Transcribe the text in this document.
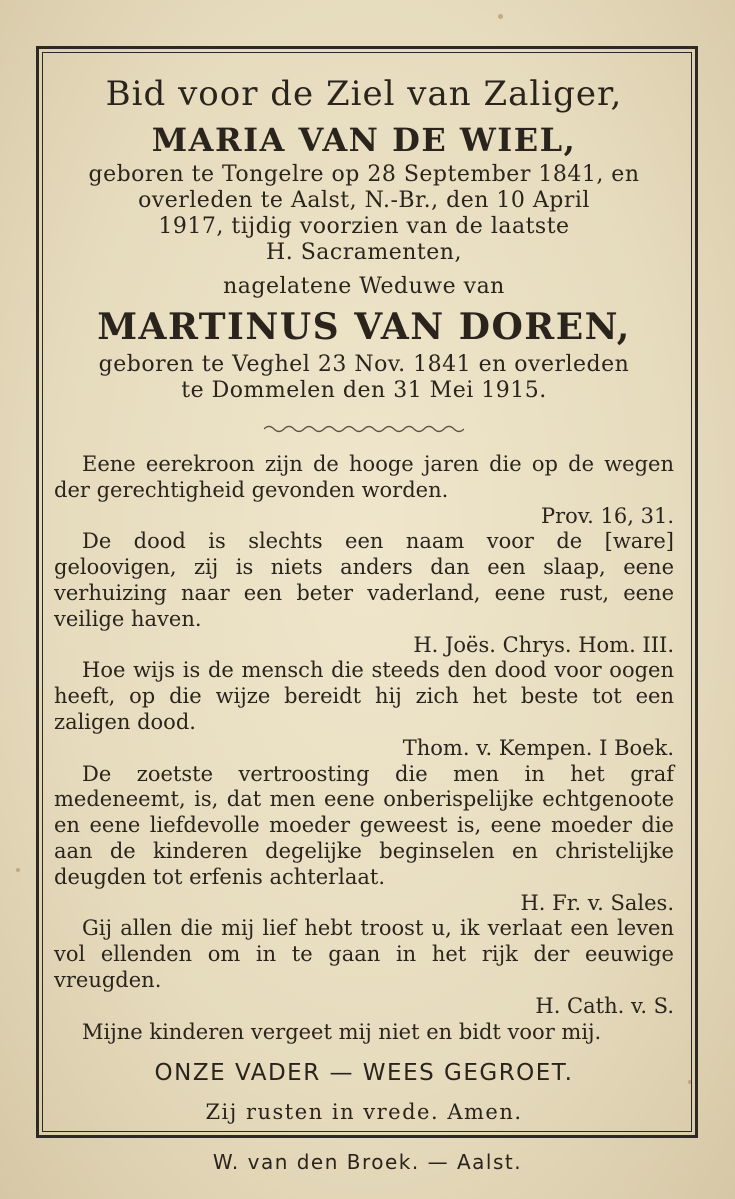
Bid voor de Ziel van Zaliger,
MARIA VAN DE WIEL,
geboren te Tongelre op 28 September 1841, en
overleden te Aalst, N.-Br., den 10 April
1917, tijdig voorzien van de laatste
H. Sacramenten,
nagelatene Weduwe van
MARTINUS VAN DOREN,
geboren te Veghel 23 Nov. 1841 en overleden
te Dommelen den 31 Mei 1915.
Eene eerekroon zijn de hooge jaren die op de wegen der gerechtigheid gevonden worden.
Prov. 16, 31.
De dood is slechts een naam voor de [ware] geloovigen, zij is niets anders dan een slaap, eene verhuizing naar een beter vaderland, eene rust, eene veilige haven.
H. Joës. Chrys. Hom. III.
Hoe wijs is de mensch die steeds den dood voor oogen heeft, op die wijze bereidt hij zich het beste tot een zaligen dood.
Thom. v. Kempen. I Boek.
De zoetste vertroosting die men in het graf medeneemt, is, dat men eene onberispelijke echtgenoote en eene liefdevolle moeder geweest is, eene moeder die aan de kinderen degelijke beginselen en christelijke deugden tot erfenis achterlaat.
H. Fr. v. Sales.
Gij allen die mij lief hebt troost u, ik verlaat een leven vol ellenden om in te gaan in het rijk der eeuwige vreugden.
H. Cath. v. S.
Mijne kinderen vergeet mij niet en bidt voor mij.
ONZE VADER — WEES GEGROET.
Zij rusten in vrede. Amen.
W. van den Broek. — Aalst.
